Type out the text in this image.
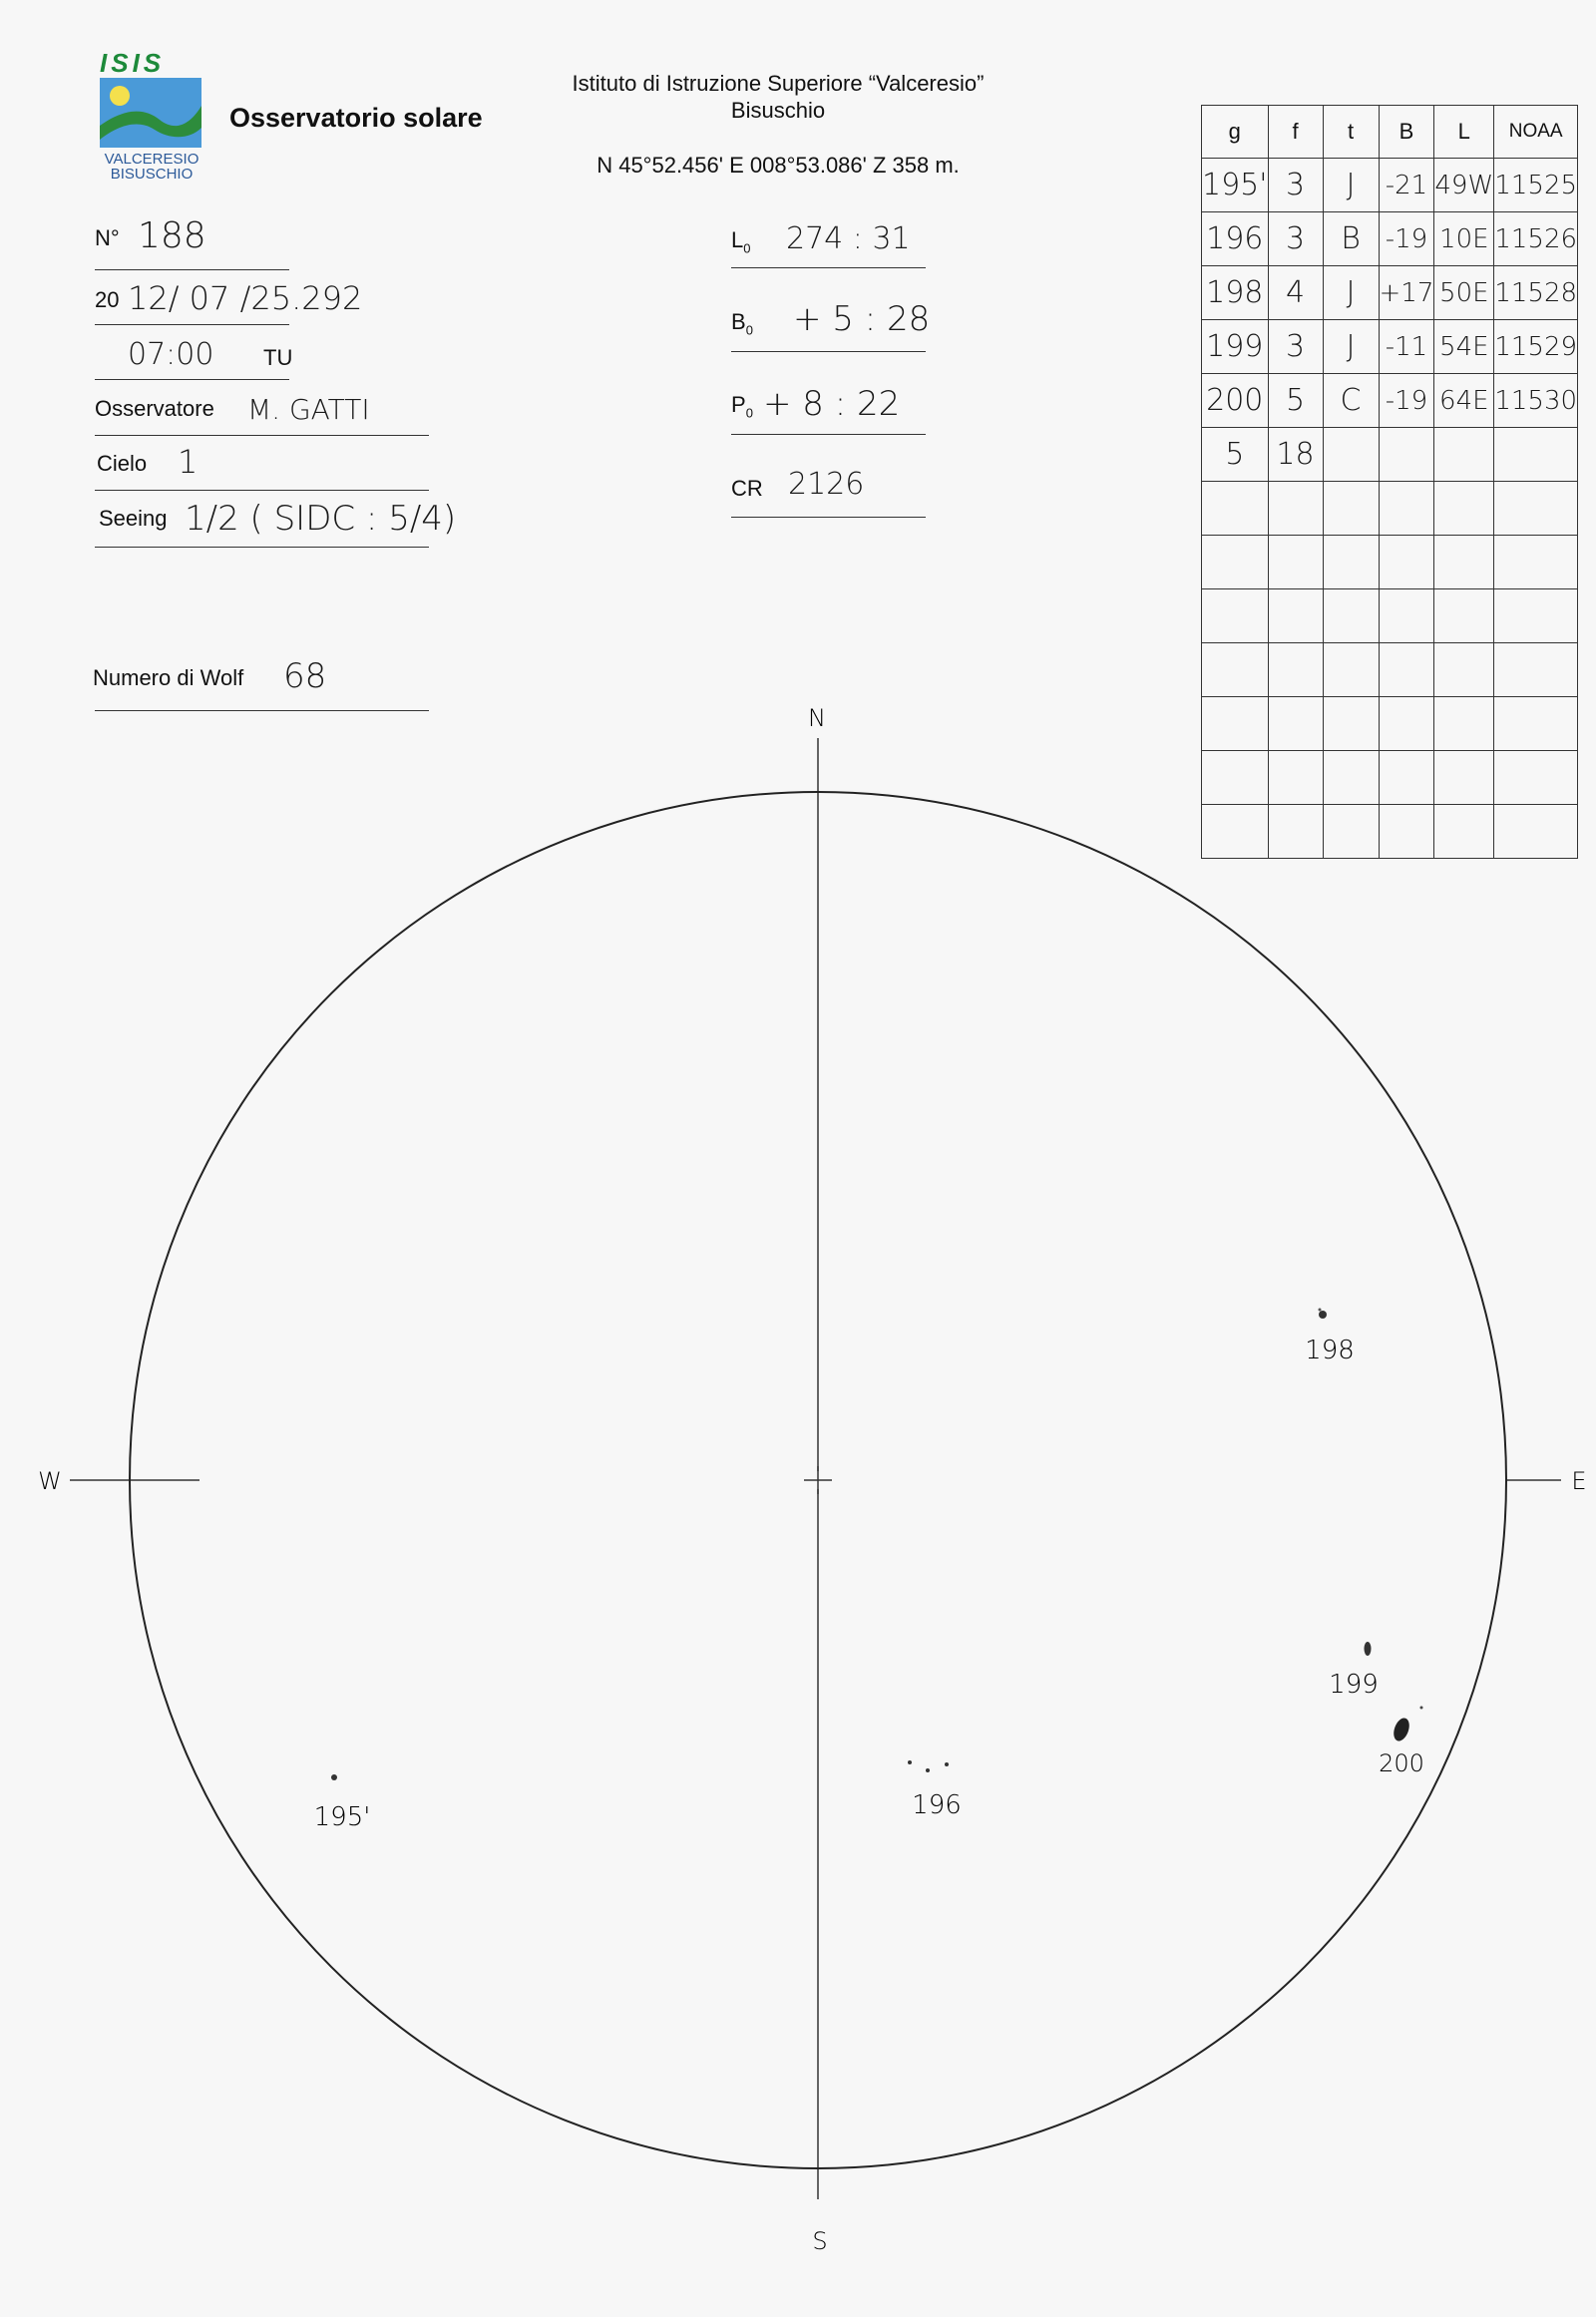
ISIS
VALCERESIO
BISUSCHIO
Osservatorio solare
Istituto di Istruzione Superiore “Valceresio”
Bisuschio
N 45°52.456' E 008°53.086' Z 358 m.
N° 188
20 12/ 07 /25.292
07:00 TU
Osservatore M. GATTI
Cielo 1
Seeing 1/2 ( SIDC : 5/4)
Numero di Wolf 68
$L_0$ 274 : 31
$B_0 + 5$ : 28
$P_0 + 8$ : 22
CR 2126
g	f	t	B	L	NOAA
195'	3	J	-21	49W	11525
196	3	B	-19	10E	11526
198	4	J	+17	50E	11528
199	3	J	-11	54E	11529
200	5	C	-19	64E	11530
5	18				

N
S
W	E
198
199
200
195'	196
